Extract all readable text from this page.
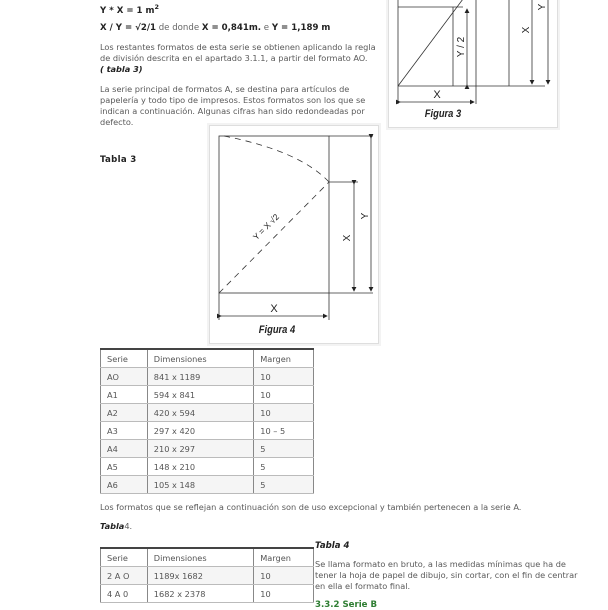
Y * X = 1 $m^2$
X / Y = √2/1 de donde X = 0,841m. e Y = 1,189 m
Los restantes formatos de esta serie se obtienen aplicando la regla de división descrita en el apartado 3.1.1, a partir del formato AO.
( tabla 3)
La serie principal de formatos A, se destina para artículos de papelería y todo tipo de impresos. Estos formatos son los que se indican a continuación. Algunas cifras han sido redondeadas por defecto.
Tabla 3
X
Y / 2
X
Y
Figura 3
X
X
Y
Y = X √2
Figura 4
Serie	Dimensiones	Margen
AO	841 x 1189	10
A1	594 x 841	10
A2	420 x 594	10
A3	297 x 420	10 – 5
A4	210 x 297	5
A5	148 x 210	5
A6	105 x 148	5
Los formatos que se reflejan a continuación son de uso excepcional y también pertenecen a la serie A.
Tabla4.
Serie	Dimensiones	Margen
2 A O	1189x 1682	10
4 A 0	1682 x 2378	10
Tabla 4
Se llama formato en bruto, a las medidas mínimas que ha de tener la hoja de papel de dibujo, sin cortar, con el fin de centrar en ella el formato final.
3.3.2 Serie B
